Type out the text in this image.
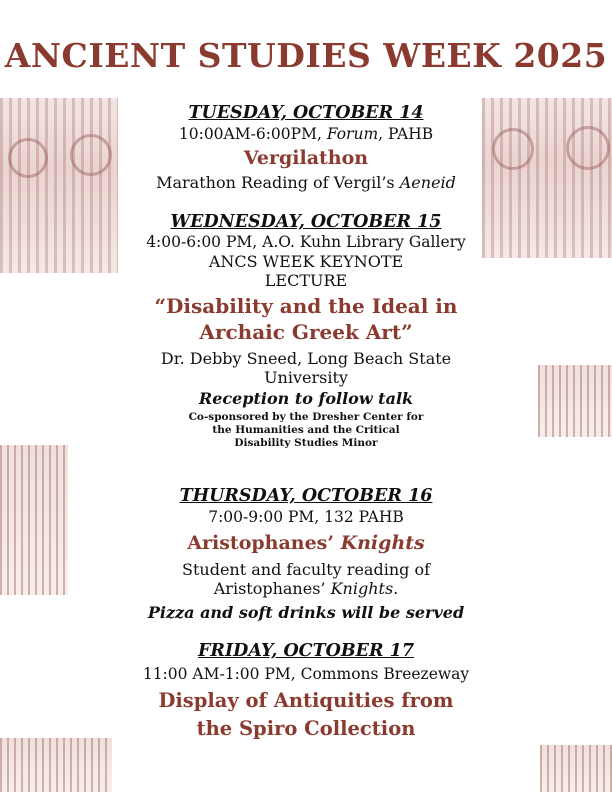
ANCIENT STUDIES WEEK 2025
TUESDAY, OCTOBER 14
10:00AM-6:00PM, Forum, PAHB
Vergilathon
Marathon Reading of Vergil’s Aeneid
WEDNESDAY, OCTOBER 15
4:00-6:00 PM, A.O. Kuhn Library Gallery
ANCS WEEK KEYNOTE
LECTURE
“Disability and the Ideal in
Archaic Greek Art”
Dr. Debby Sneed, Long Beach State
University
Reception to follow talk
Co-sponsored by the Dresher Center for
the Humanities and the Critical
Disability Studies Minor
THURSDAY, OCTOBER 16
7:00-9:00 PM, 132 PAHB
Aristophanes’ Knights
Student and faculty reading of
Aristophanes’ Knights.
Pizza and soft drinks will be served
FRIDAY, OCTOBER 17
11:00 AM-1:00 PM, Commons Breezeway
Display of Antiquities from
the Spiro Collection
